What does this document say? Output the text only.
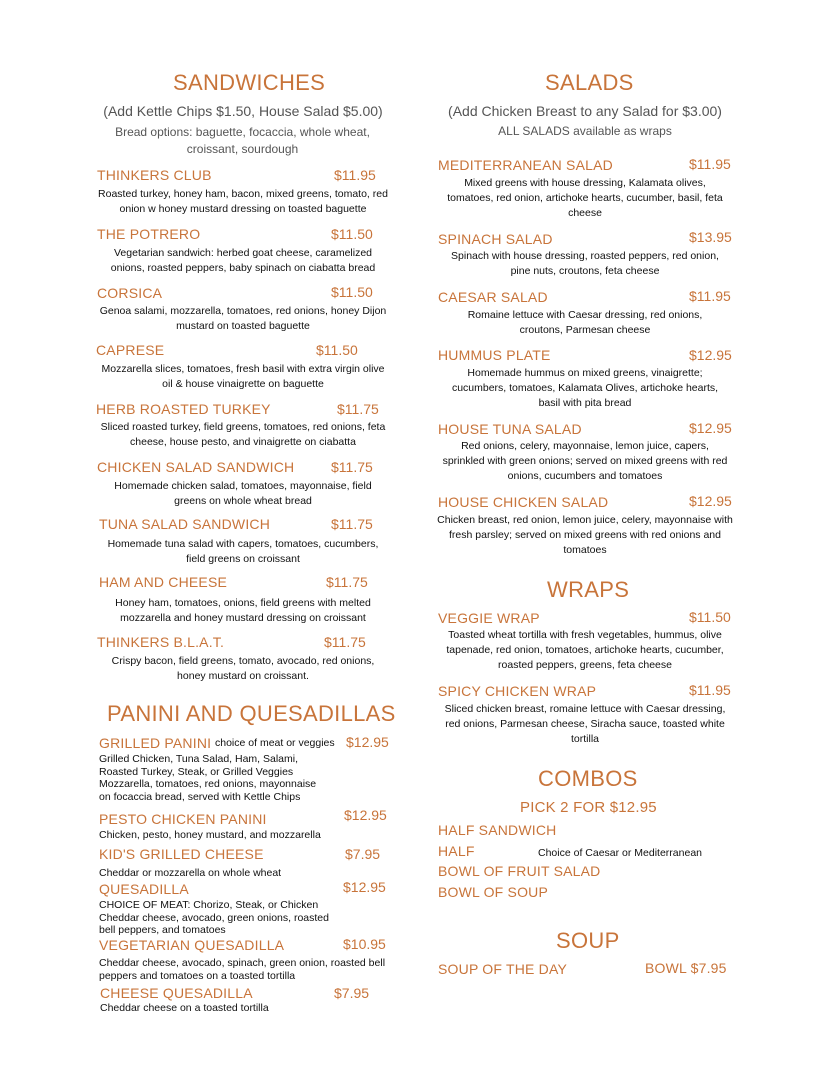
SANDWICHES
(Add Kettle Chips $1.50, House Salad $5.00)
Bread options: baguette, focaccia, whole wheat, croissant, sourdough
THINKERS CLUB	$11.95
Roasted turkey, honey ham, bacon, mixed greens, tomato, red onion w honey mustard dressing on toasted baguette
THE POTRERO	$11.50
Vegetarian sandwich: herbed goat cheese, caramelized onions, roasted peppers, baby spinach on ciabatta bread
CORSICA	$11.50
Genoa salami, mozzarella, tomatoes, red onions, honey Dijon mustard on toasted baguette
CAPRESE	$11.50
Mozzarella slices, tomatoes, fresh basil with extra virgin olive oil & house vinaigrette on baguette
HERB ROASTED TURKEY	$11.75
Sliced roasted turkey, field greens, tomatoes, red onions, feta cheese, house pesto, and vinaigrette on ciabatta
CHICKEN SALAD SANDWICH	$11.75
Homemade chicken salad, tomatoes, mayonnaise, field greens on whole wheat bread
TUNA SALAD SANDWICH	$11.75
Homemade tuna salad with capers, tomatoes, cucumbers, field greens on croissant
HAM AND CHEESE	$11.75
Honey ham, tomatoes, onions, field greens with melted mozzarella and honey mustard dressing on croissant
THINKERS B.L.A.T.	$11.75
Crispy bacon, field greens, tomato, avocado, red onions, honey mustard on croissant.
PANINI AND QUESADILLAS
GRILLED PANINI choice of meat or veggies $12.95
Grilled Chicken, Tuna Salad, Ham, Salami, Roasted Turkey, Steak, or Grilled Veggies Mozzarella, tomatoes, red onions, mayonnaise on focaccia bread, served with Kettle Chips
PESTO CHICKEN PANINI	$12.95
Chicken, pesto, honey mustard, and mozzarella
KID'S GRILLED CHEESE	$7.95
Cheddar or mozzarella on whole wheat
QUESADILLA	$12.95
CHOICE OF MEAT: Chorizo, Steak, or Chicken Cheddar cheese, avocado, green onions, roasted bell peppers, and tomatoes
VEGETARIAN QUESADILLA	$10.95
Cheddar cheese, avocado, spinach, green onion, roasted bell peppers and tomatoes on a toasted tortilla
CHEESE QUESADILLA	$7.95
Cheddar cheese on a toasted tortilla
SALADS
(Add Chicken Breast to any Salad for $3.00)
ALL SALADS available as wraps
MEDITERRANEAN SALAD	$11.95
Mixed greens with house dressing, Kalamata olives, tomatoes, red onion, artichoke hearts, cucumber, basil, feta cheese
SPINACH SALAD	$13.95
Spinach with house dressing, roasted peppers, red onion, pine nuts, croutons, feta cheese
CAESAR SALAD	$11.95
Romaine lettuce with Caesar dressing, red onions, croutons, Parmesan cheese
HUMMUS PLATE	$12.95
Homemade hummus on mixed greens, vinaigrette; cucumbers, tomatoes, Kalamata Olives, artichoke hearts, basil with pita bread
HOUSE TUNA SALAD	$12.95
Red onions, celery, mayonnaise, lemon juice, capers, sprinkled with green onions; served on mixed greens with red onions, cucumbers and tomatoes
HOUSE CHICKEN SALAD	$12.95
Chicken breast, red onion, lemon juice, celery, mayonnaise with fresh parsley; served on mixed greens with red onions and tomatoes
WRAPS
VEGGIE WRAP	$11.50
Toasted wheat tortilla with fresh vegetables, hummus, olive tapenade, red onion, tomatoes, artichoke hearts, cucumber, roasted peppers, greens, feta cheese
SPICY CHICKEN WRAP	$11.95
Sliced chicken breast, romaine lettuce with Caesar dressing, red onions, Parmesan cheese, Siracha sauce, toasted white tortilla
COMBOS
PICK 2 FOR $12.95
HALF SANDWICH
HALF	Choice of Caesar or Mediterranean
BOWL OF FRUIT SALAD
BOWL OF SOUP
SOUP
SOUP OF THE DAY	BOWL $7.95
